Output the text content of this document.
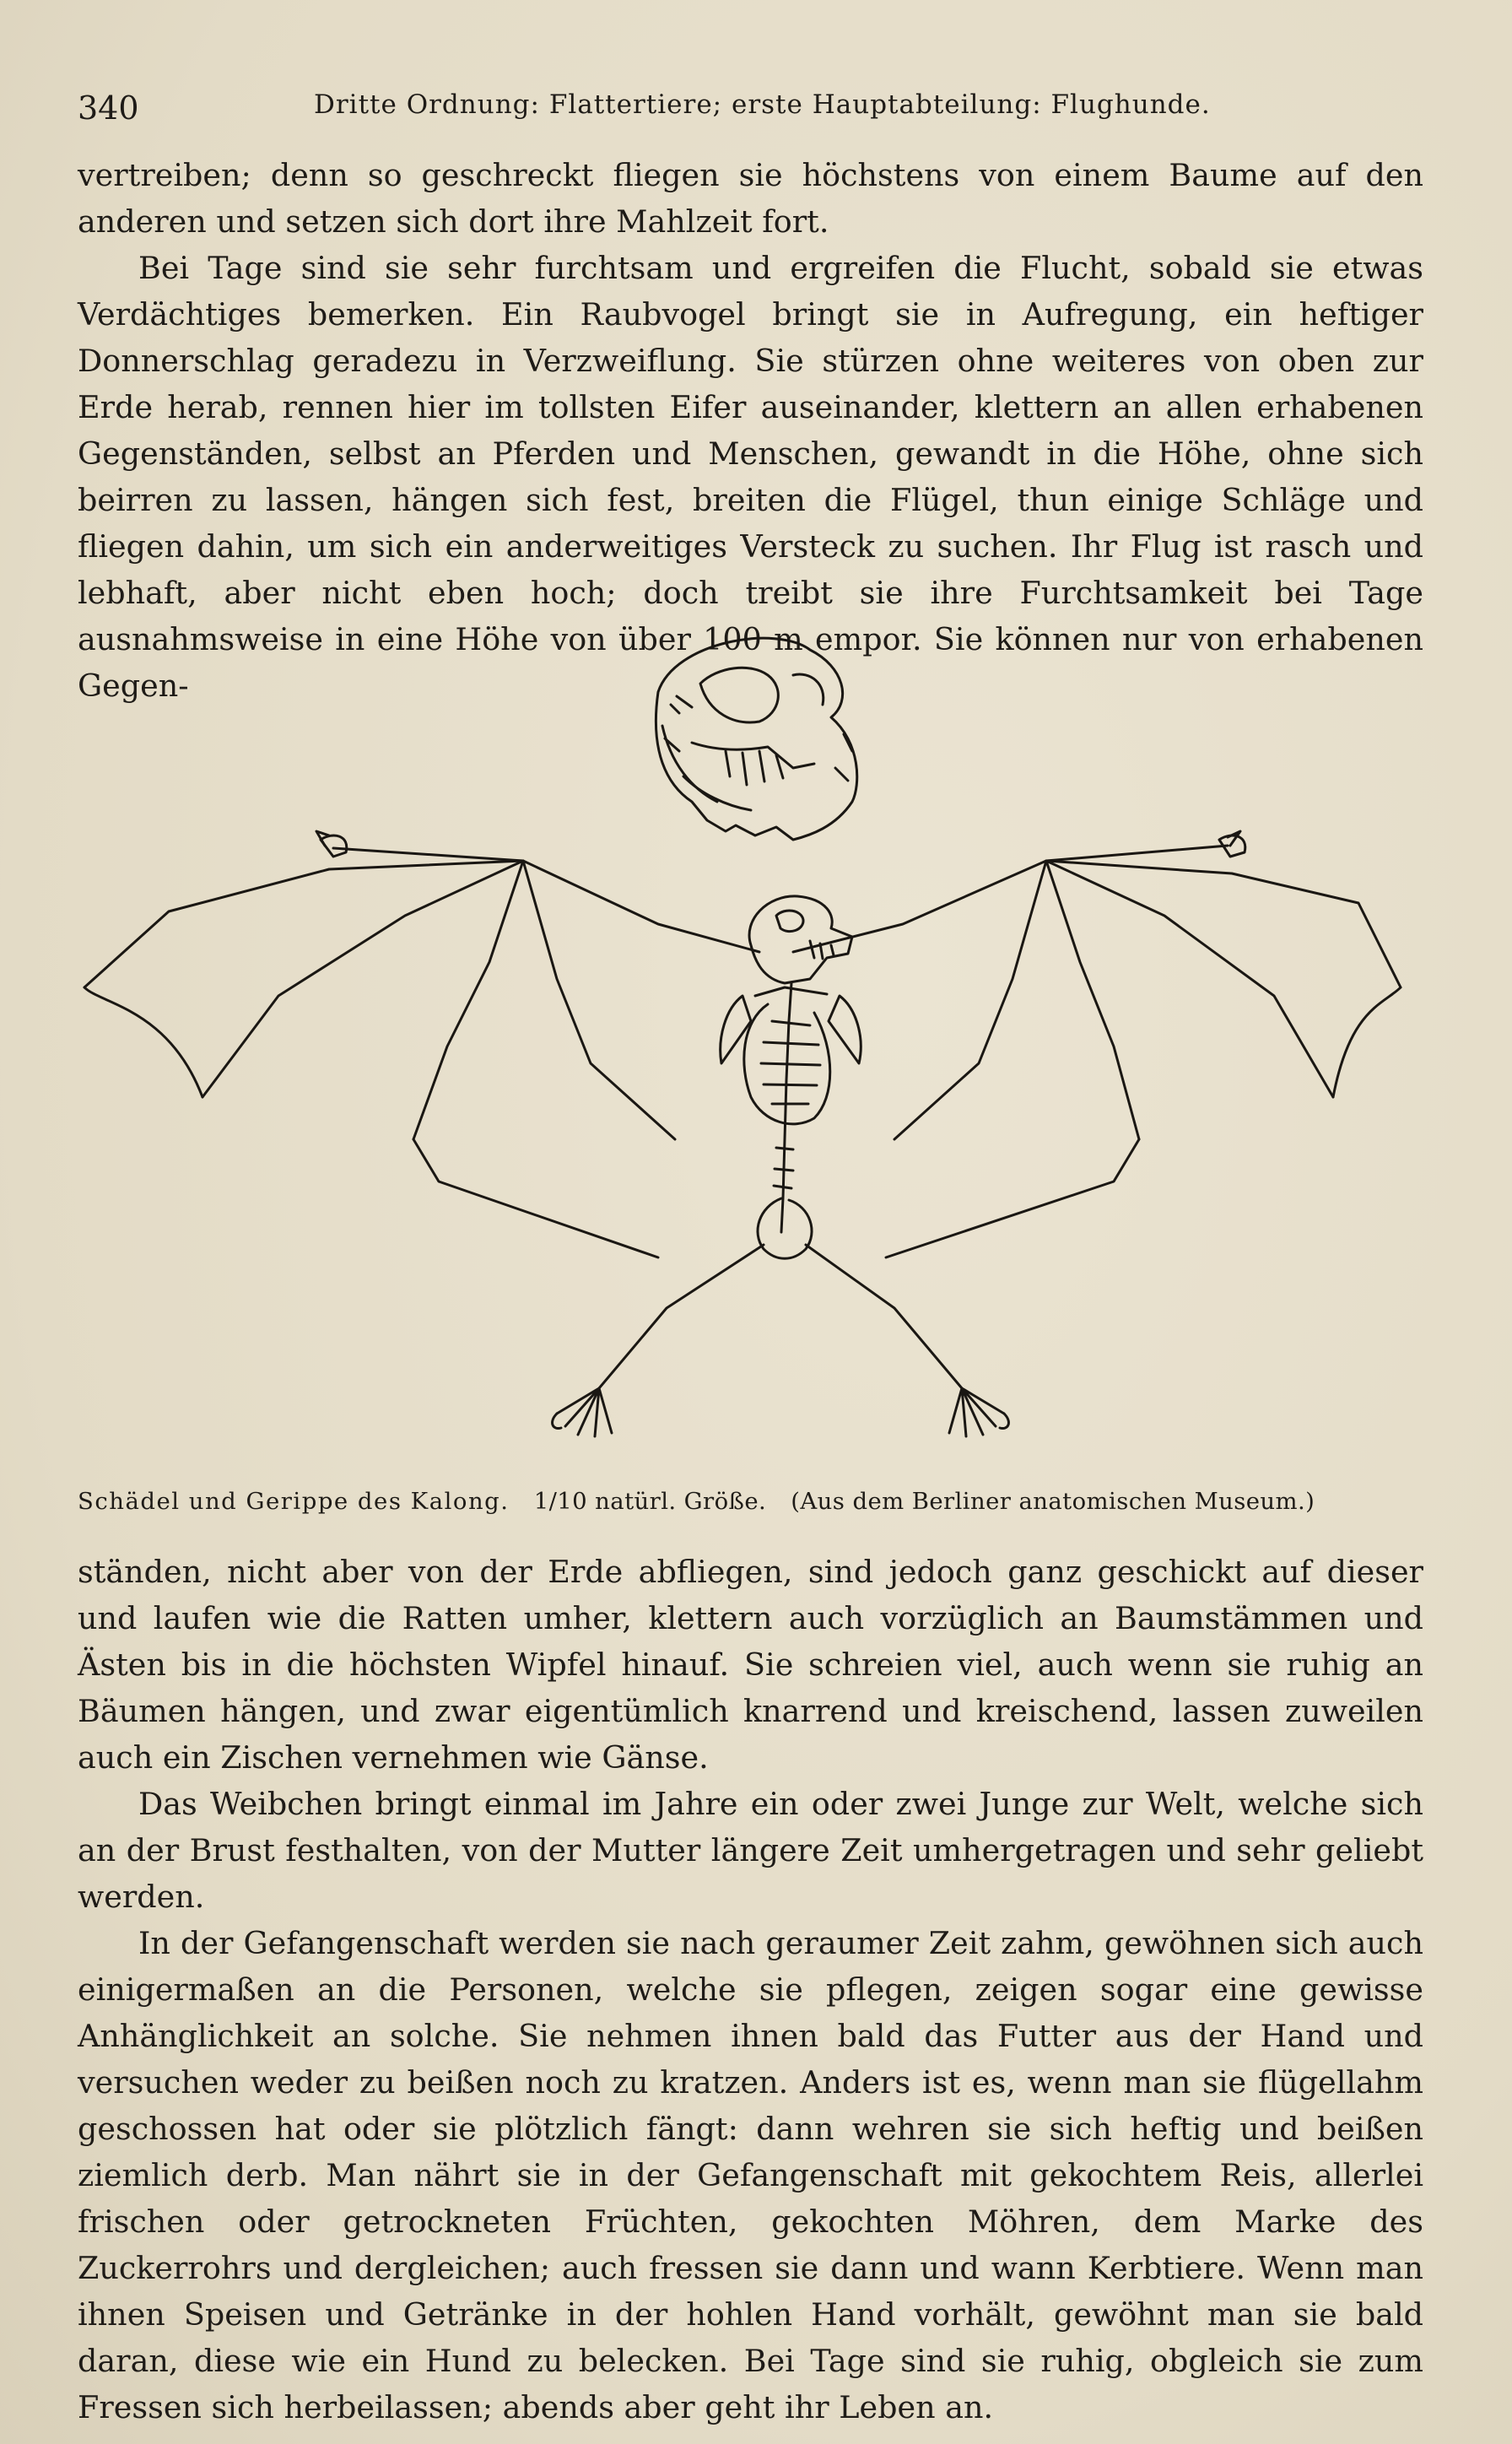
340	Dritte Ordnung: Flattertiere; erste Hauptabteilung: Flughunde.

vertreiben; denn so geschreckt fliegen sie höchstens von einem Baume auf den anderen und setzen sich dort ihre Mahlzeit fort.

Bei Tage sind sie sehr furchtsam und ergreifen die Flucht, sobald sie etwas Verdächtiges bemerken. Ein Raubvogel bringt sie in Aufregung, ein heftiger Donnerschlag geradezu in Verzweiflung. Sie stürzen ohne weiteres von oben zur Erde herab, rennen hier im tollsten Eifer auseinander, klettern an allen erhabenen Gegenständen, selbst an Pferden und Menschen, gewandt in die Höhe, ohne sich beirren zu lassen, hängen sich fest, breiten die Flügel, thun einige Schläge und fliegen dahin, um sich ein anderweitiges Versteck zu suchen. Ihr Flug ist rasch und lebhaft, aber nicht eben hoch; doch treibt sie ihre Furchtsamkeit bei Tage ausnahmsweise in eine Höhe von über 100 m empor. Sie können nur von erhabenen Gegen-

Schädel und Gerippe des Kalong. 1/10 natürl. Größe. (Aus dem Berliner anatomischen Museum.)

ständen, nicht aber von der Erde abfliegen, sind jedoch ganz geschickt auf dieser und laufen wie die Ratten umher, klettern auch vorzüglich an Baumstämmen und Ästen bis in die höchsten Wipfel hinauf. Sie schreien viel, auch wenn sie ruhig an Bäumen hängen, und zwar eigentümlich knarrend und kreischend, lassen zuweilen auch ein Zischen vernehmen wie Gänse.

Das Weibchen bringt einmal im Jahre ein oder zwei Junge zur Welt, welche sich an der Brust festhalten, von der Mutter längere Zeit umhergetragen und sehr geliebt werden.

In der Gefangenschaft werden sie nach geraumer Zeit zahm, gewöhnen sich auch einigermaßen an die Personen, welche sie pflegen, zeigen sogar eine gewisse Anhänglichkeit an solche. Sie nehmen ihnen bald das Futter aus der Hand und versuchen weder zu beißen noch zu kratzen. Anders ist es, wenn man sie flügellahm geschossen hat oder sie plötzlich fängt: dann wehren sie sich heftig und beißen ziemlich derb. Man nährt sie in der Gefangenschaft mit gekochtem Reis, allerlei frischen oder getrockneten Früchten, gekochten Möhren, dem Marke des Zuckerrohrs und dergleichen; auch fressen sie dann und wann Kerbtiere. Wenn man ihnen Speisen und Getränke in der hohlen Hand vorhält, gewöhnt man sie bald daran, diese wie ein Hund zu belecken. Bei Tage sind sie ruhig, obgleich sie zum Fressen sich herbeilassen; abends aber geht ihr Leben an.
